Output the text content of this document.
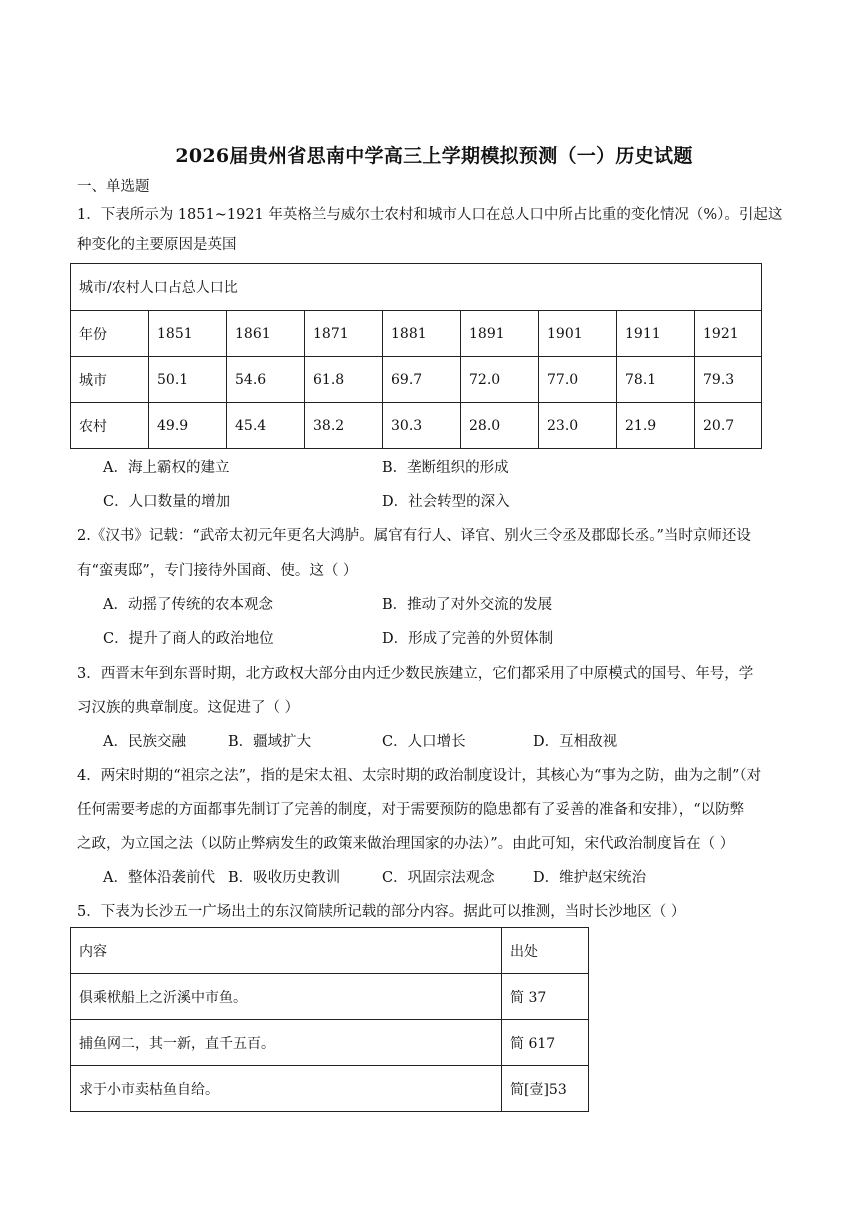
2026届贵州省思南中学高三上学期模拟预测（一）历史试题
一、单选题
1．下表所示为 1851~1921 年英格兰与威尔士农村和城市人口在总人口中所占比重的变化情况（%）。引起这
种变化的主要原因是英国
城市/农村人口占总人口比								
年份	1851	1861	1871	1881	1891	1901	1911	1921
城市	50.1	54.6	61.8	69.7	72.0	77.0	78.1	79.3
农村	49.9	45.4	38.2	30.3	28.0	23.0	21.9	20.7
A．海上霸权的建立	B．垄断组织的形成
C．人口数量的增加	D．社会转型的深入
2.《汉书》记载：“武帝太初元年更名大鸿胪。属官有行人、译官、别火三令丞及郡邸长丞。”当时京师还设
有“蛮夷邸”，专门接待外国商、使。这（ ）
A．动摇了传统的农本观念	B．推动了对外交流的发展
C．提升了商人的政治地位	D．形成了完善的外贸体制
3．西晋末年到东晋时期，北方政权大部分由内迁少数民族建立，它们都采用了中原模式的国号、年号，学
习汉族的典章制度。这促进了（ ）
A．民族交融	B．疆域扩大	C．人口增长	D．互相敌视
4．两宋时期的“祖宗之法”，指的是宋太祖、太宗时期的政治制度设计，其核心为“事为之防，曲为之制”（对
任何需要考虑的方面都事先制订了完善的制度，对于需要预防的隐患都有了妥善的准备和安排），“以防弊
之政，为立国之法（以防止弊病发生的政策来做治理国家的办法）”。由此可知，宋代政治制度旨在（ ）
A．整体沿袭前代 B．吸收历史教训	C．巩固宗法观念	D．维护赵宋统治
5．下表为长沙五一广场出土的东汉简牍所记载的部分内容。据此可以推测，当时长沙地区（ ）
内容	出处
俱乘栿船上之沂溪中市鱼。	简 37
捕鱼网二，其一新，直千五百。	简 617
求于小市卖枯鱼自给。	简[壹]53
